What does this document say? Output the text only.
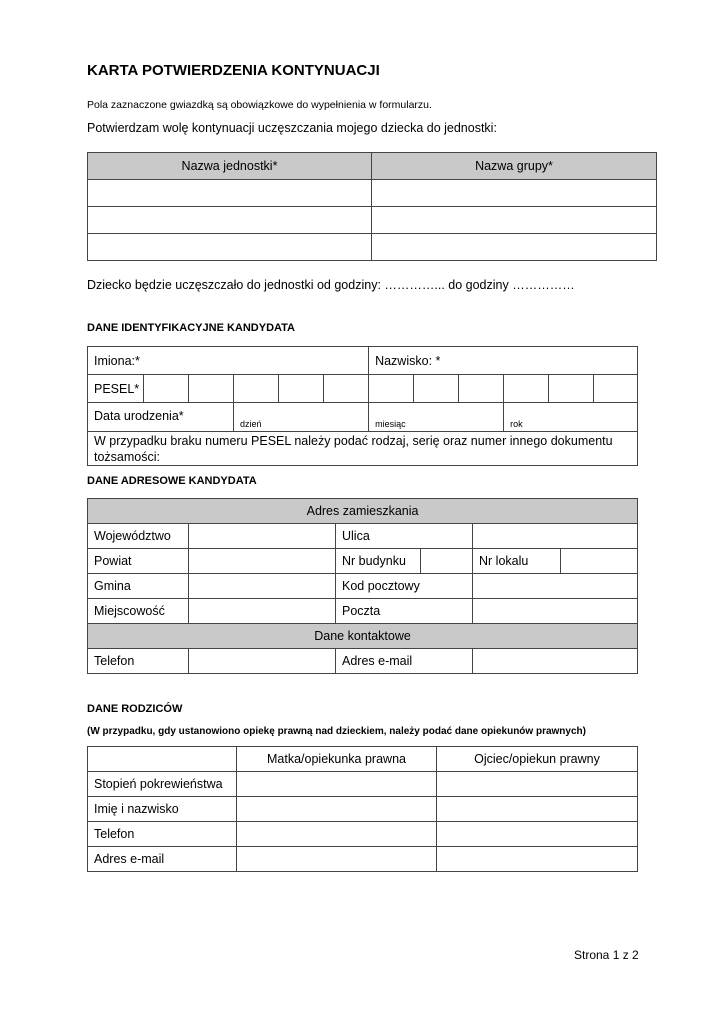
KARTA POTWIERDZENIA KONTYNUACJI
Pola zaznaczone gwiazdką są obowiązkowe do wypełnienia w formularzu.
Potwierdzam wolę kontynuacji uczęszczania mojego dziecka do jednostki:
Nazwa jednostki*	Nazwa grupy*

Dziecko będzie uczęszczało do jednostki od godziny: …………... do godziny ……………
DANE IDENTYFIKACYJNE KANDYDATA
Imiona:*						Nazwisko: *					
PESEL*											
Data urodzenia*			dzień			miesiąc			rok		

W przypadku braku numeru PESEL należy podać rodzaj, serię oraz numer innego dokumentu
tożsamości:											
DANE ADRESOWE KANDYDATA
Adres zamieszkania					
Województwo		Ulica			
Powiat		Nr budynku		Nr lokalu	
Gmina		Kod pocztowy			
Miejscowość		Poczta			
Dane kontaktowe					
Telefon		Adres e-mail			
DANE RODZICÓW
(W przypadku, gdy ustanowiono opiekę prawną nad dzieckiem, należy podać dane opiekunów prawnych)
	Matka/opiekunka prawna	Ojciec/opiekun prawny
Stopień pokrewieństwa		
Imię i nazwisko		
Telefon		
Adres e-mail		
Strona 1 z 2
